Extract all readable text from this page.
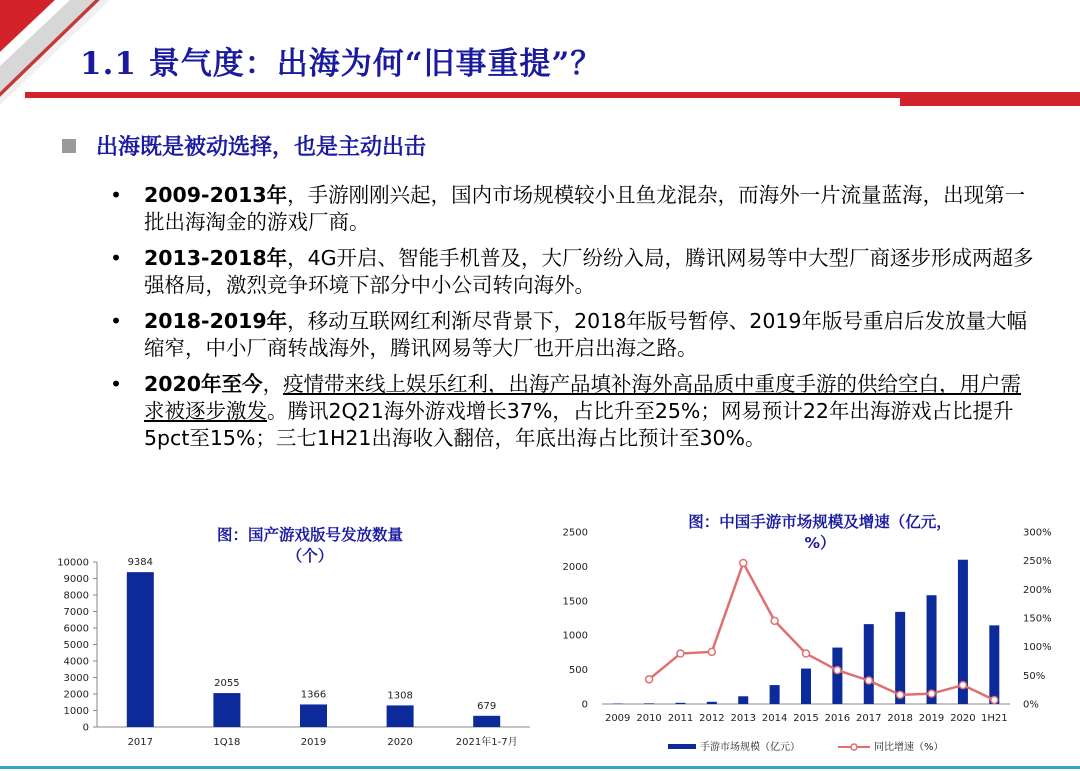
1.1 景气度：出海为何“旧事重提”？
出海既是被动选择，也是主动出击
• 2009-2013年，手游刚刚兴起，国内市场规模较小且鱼龙混杂，而海外一片流量蓝海，出现第一批出海淘金的游戏厂商。
• 2013-2018年，4G开启、智能手机普及，大厂纷纷入局，腾讯网易等中大型厂商逐步形成两超多强格局，激烈竞争环境下部分中小公司转向海外。
• 2018-2019年，移动互联网红利渐尽背景下，2018年版号暂停、2019年版号重启后发放量大幅缩窄，中小厂商转战海外，腾讯网易等大厂也开启出海之路。
• 2020年至今，疫情带来线上娱乐红利，出海产品填补海外高品质中重度手游的供给空白，用户需求被逐步激发。腾讯2Q21海外游戏增长37%，占比升至25%；网易预计22年出海游戏占比提升5pct至15%；三七1H21出海收入翻倍，年底出海占比预计至30%。
图：国产游戏版号发放数量
（个）
图：中国手游市场规模及增速（亿元，
%）
0
1000
2000
3000
4000
5000
6000
7000
8000
9000
10000	9384
2017
2055
1Q18
1366
2019
1308
2020
679
2021年1-7月
0
500
1000
1500
2000
2500
0%
50%
100%
150%
200%
250%
300%
2009 2010 2011 2012 2013 2014 2015 2016 2017 2018 2019 2020 1H21
手游市场规模（亿元）	同比增速（%）
